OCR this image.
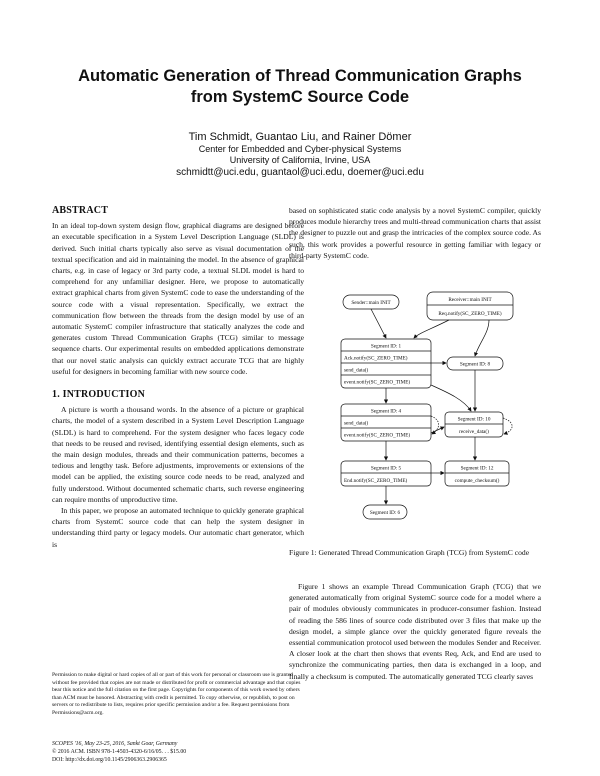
Automatic Generation of Thread Communication Graphs
from SystemC Source Code
Tim Schmidt, Guantao Liu, and Rainer Dömer
Center for Embedded and Cyber-physical Systems
University of California, Irvine, USA
schmidtt@uci.edu, guantaol@uci.edu, doemer@uci.edu
ABSTRACT

In an ideal top-down system design flow, graphical diagrams are designed before an executable specification in a System Level Description Language (SLDL) is derived. Such initial charts typically also serve as visual documentation of the textual specification and aid in maintaining the model. In the absence of graphical charts, e.g. in case of legacy or 3rd party code, a textual SLDL model is hard to comprehend for any unfamiliar designer. Here, we propose to automatically extract graphical charts from given SystemC code to ease the understanding of the source code with a visual representation. Specifically, we extract the communication flow between the threads from the design model by use of an automatic SystemC compiler infrastructure that statically analyzes the code and generates custom Thread Communication Graphs (TCG) similar to message sequence charts. Our experimental results on embedded applications demonstrate that our novel static analysis can quickly extract accurate TCG that are highly useful for designers in becoming familiar with new source code.

1. INTRODUCTION

A picture is worth a thousand words. In the absence of a picture or graphical charts, the model of a system described in a System Level Description Language (SLDL) is hard to comprehend. For the system designer who faces legacy code that needs to be reused and revised, identifying essential design elements, such as the main design modules, threads and their communication patterns, becomes a tedious and lengthy task. Before adjustments, improvements or extensions of the model can be applied, the existing source code needs to be read, analyzed and fully understood. Without documented schematic charts, such reverse engineering can require months of unproductive time.

In this paper, we propose an automated technique to quickly generate graphical charts from SystemC source code that can help the system designer in understanding third party or legacy models. Our automatic chart generator, which is

Permission to make digital or hard copies of all or part of this work for personal or classroom use is granted without fee provided that copies are not made or distributed for profit or commercial advantage and that copies bear this notice and the full citation on the first page. Copyrights for components of this work owned by others than ACM must be honored. Abstracting with credit is permitted. To copy otherwise, or republish, to post on servers or to redistribute to lists, requires prior specific permission and/or a fee. Request permissions from Permissions@acm.org.
SCOPES '16, May 23-25, 2016, Sankt Goar, Germany
© 2016 ACM. ISBN 978-1-4503-4320-6/16/05. . . $15.00
DOI: http://dx.doi.org/10.1145/2906363.2906365

based on sophisticated static code analysis by a novel SystemC compiler, quickly produces module hierarchy trees and multi-thread communication charts that assist the designer to puzzle out and grasp the intricacies of the complex source code. As such, this work provides a powerful resource in getting familiar with legacy or third-party SystemC code.

Sender::main INIT	Receiver::main INIT
Req.notify(SC_ZERO_TIME)
Segment ID: 1
Segment ID: 8
Segment ID: 4
Segment ID: 10
receive_data()
Segment ID: 5	Segment ID: 12
compute_checksum()
Segment ID: 6
Ack.notify(SC_ZERO_TIME)
send_data()
event.notify(SC_ZERO_TIME)
send_data()
event.notify(SC_ZERO_TIME)
End.notify(SC_ZERO_TIME)
Figure 1: Generated Thread Communication Graph (TCG) from SystemC code

Figure 1 shows an example Thread Communication Graph (TCG) that we generated automatically from original SystemC source code for a model where a pair of modules obviously communicates in producer-consumer fashion. Instead of reading the 586 lines of source code distributed over 3 files that make up the design model, a simple glance over the quickly generated figure reveals the essential communication protocol used between the modules Sender and Receiver. A closer look at the chart then shows that events Req, Ack, and End are used to synchronize the communicating parties, then data is exchanged in a loop, and finally a checksum is computed. The automatically generated TCG clearly saves
